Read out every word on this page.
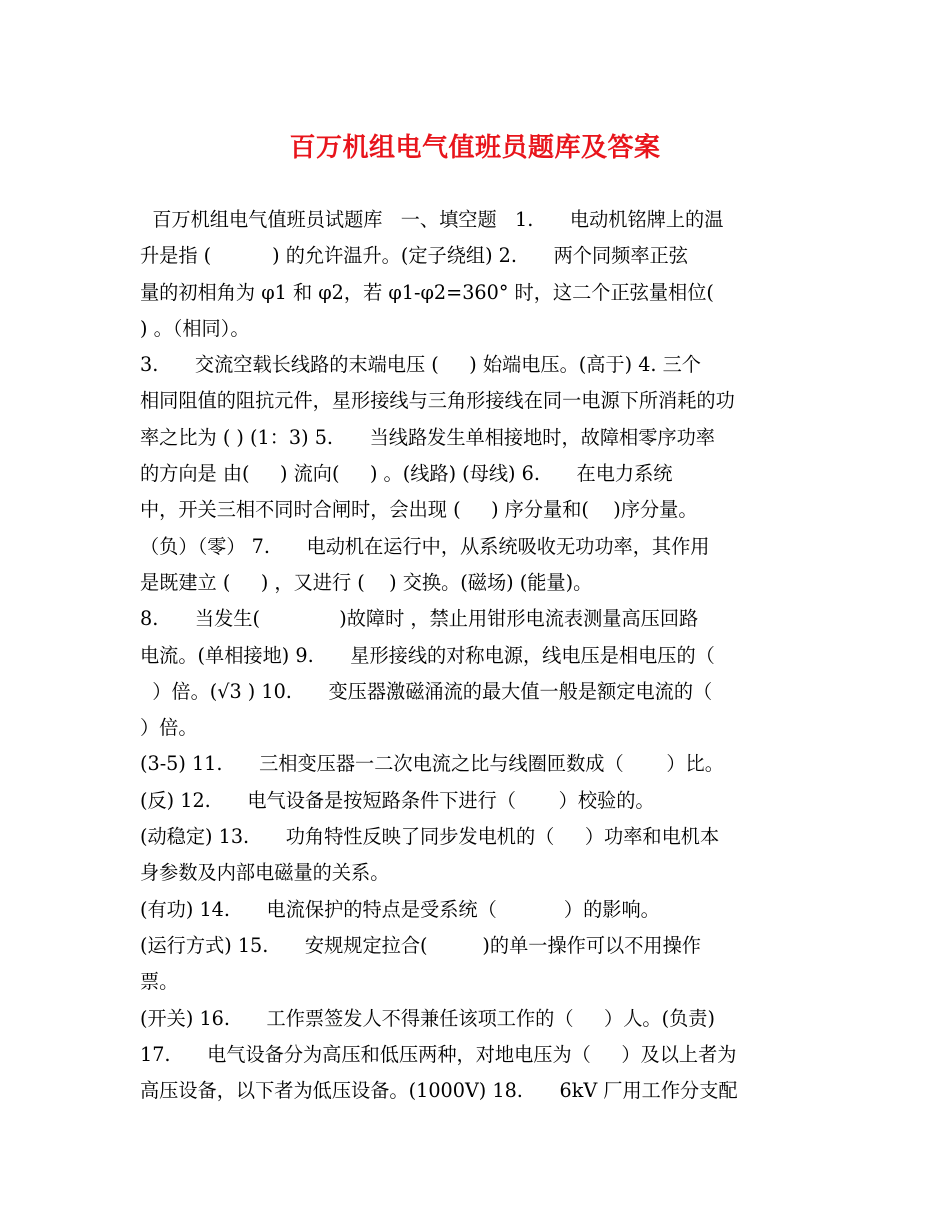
百万机组电气值班员题库及答案
百万机组电气值班员试题库   一、填空题   1.      电动机铭牌上的温
升是指 (          ) 的允许温升。(定子绕组) 2.      两个同频率正弦
量的初相角为 φ1 和 φ2，若 φ1-φ2=360° 时，这二个正弦量相位(
) 。（相同）。
3.      交流空载长线路的末端电压 (     ) 始端电压。(高于) 4. 三个
相同阻值的阻抗元件，星形接线与三角形接线在同一电源下所消耗的功
率之比为 ( ) (1：3) 5.      当线路发生单相接地时，故障相零序功率
的方向是 由(     ) 流向(     ) 。(线路) (母线) 6.      在电力系统
中，开关三相不同时合闸时，会出现 (     ) 序分量和(    )序分量。
（负）（零） 7.      电动机在运行中，从系统吸收无功功率，其作用
是既建立 (     ) ，又进行 (    ) 交换。(磁场) (能量)。
8.      当发生(             )故障时 ，禁止用钳形电流表测量高压回路
电流。(单相接地) 9.      星形接线的对称电源，线电压是相电压的（
）倍。(√3 ) 10.      变压器激磁涌流的最大值一般是额定电流的（
）倍。
(3-5) 11.      三相变压器一二次电流之比与线圈匝数成（       ）比。
(反) 12.      电气设备是按短路条件下进行（       ）校验的。
(动稳定) 13.      功角特性反映了同步发电机的（     ）功率和电机本
身参数及内部电磁量的关系。
(有功) 14.      电流保护的特点是受系统（           ）的影响。
(运行方式) 15.      安规规定拉合(         )的单一操作可以不用操作
票。
(开关) 16.      工作票签发人不得兼任该项工作的（     ）人。(负责)
17.      电气设备分为高压和低压两种，对地电压为（     ）及以上者为
高压设备，以下者为低压设备。(1000V) 18.      6kV 厂用工作分支配
